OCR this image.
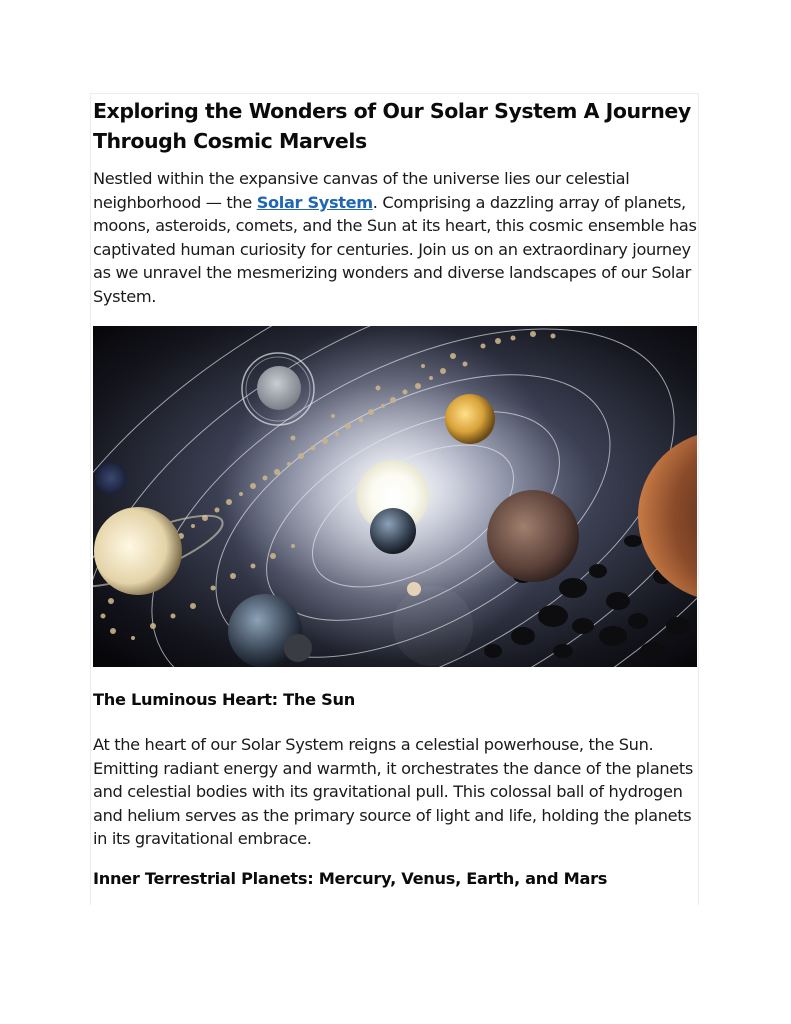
Exploring the Wonders of Our Solar System A Journey Through Cosmic Marvels

Nestled within the expansive canvas of the universe lies our celestial neighborhood — the Solar System. Comprising a dazzling array of planets, moons, asteroids, comets, and the Sun at its heart, this cosmic ensemble has captivated human curiosity for centuries. Join us on an extraordinary journey as we unravel the mesmerizing wonders and diverse landscapes of our Solar System.

The Luminous Heart: The Sun

At the heart of our Solar System reigns a celestial powerhouse, the Sun. Emitting radiant energy and warmth, it orchestrates the dance of the planets and celestial bodies with its gravitational pull. This colossal ball of hydrogen and helium serves as the primary source of light and life, holding the planets in its gravitational embrace.

Inner Terrestrial Planets: Mercury, Venus, Earth, and Mars
